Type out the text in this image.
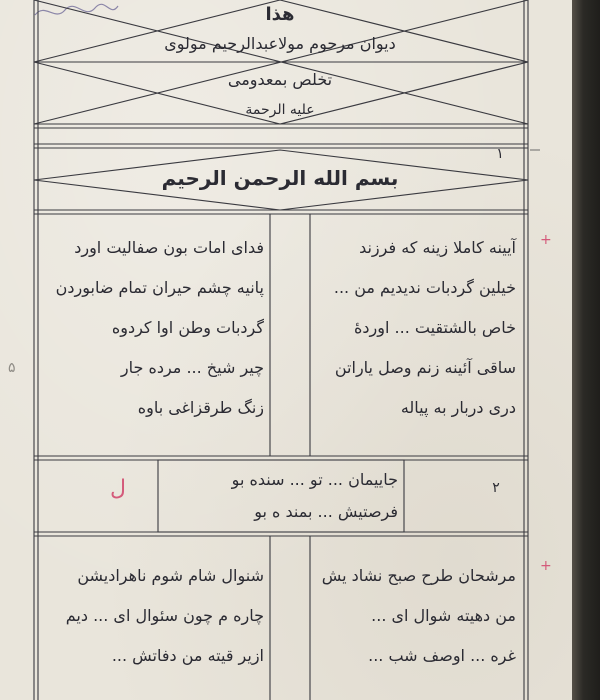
هذا
دیوان مرحوم مولاعبدالرحیم مولوی
تخلص بمعدومی
علیه الرحمة
بسم الله الرحمن الرحیم
۱
آیینه کاملا زینه که فرزند
خیلین گردبات ندیدیم من ...
خاص بالشتقیت ... اوردهٔ
ساقی آئینه زنم وصل یاراتن
دری دربار به پیاله
فدای امات بون صفالیت اورد
پانیه چشم حیران تمام ضابوردن
گردبات وطن اوا کردوه
چیر شیخ ... مرده جار
زنگ طرقزاغی باوه
۲
جاییمان ... تو ... سنده بو
فرصتیش ... بمند ه بو
مرشحان طرح صبح نشاد یش
من دهیته شوال ای ...
غره ... اوصف شب ...
شنوال شام شوم ناهرادیشن
چاره م چون سئوال ای ... دیم
ازیر قیته من دفاتش ...
۵
+
+
ل
